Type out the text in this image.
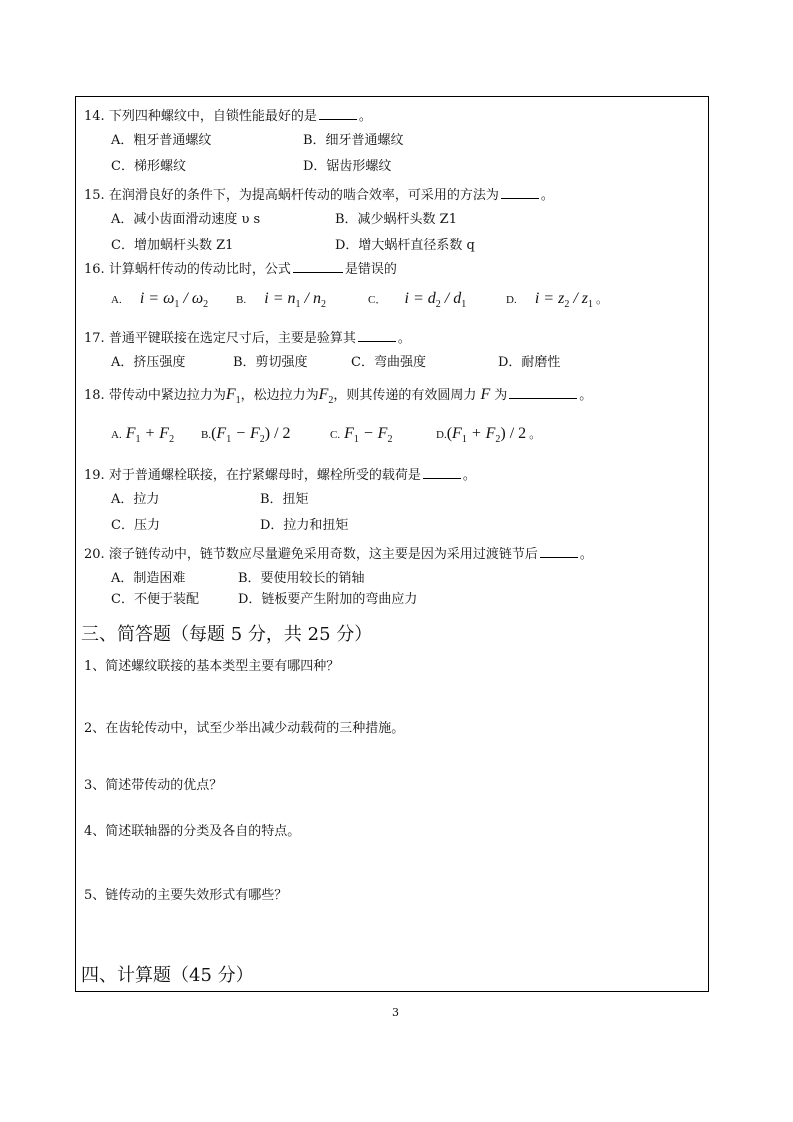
14. 下列四种螺纹中，自锁性能最好的是	。
A．粗牙普通螺纹	B．细牙普通螺纹
C．梯形螺纹	D．锯齿形螺纹
15. 在润滑良好的条件下，为提高蜗杆传动的啮合效率，可采用的方法为	。
A．减小齿面滑动速度 υ s	B．减少蜗杆头数 Z1
C．增加蜗杆头数 Z1	D．增大蜗杆直径系数 q
16. 计算蜗杆传动的传动比时，公式	是错误的
A. $i = \omega_1 / \omega_2$	B. $i = n_1 / n_2$	C． $i = d_2 / d_1$	D. $i = z_2 / z_1$ 。
17. 普通平键联接在选定尺寸后，主要是验算其	。
A．挤压强度	B．剪切强度	C．弯曲强度	D．耐磨性
18. 带传动中紧边拉力为$F_1$，松边拉力为$F_2$，则其传递的有效圆周力 F 为	。
A. $F_1 + F_2$ $B.(F_1 - F_2) / 2$	C. $F_1 - F_2$	$D.(F_1 + F_2) / 2$ 。
19. 对于普通螺栓联接，在拧紧螺母时，螺栓所受的载荷是	。
A．拉力	B．扭矩
C．压力	D．拉力和扭矩
20. 滚子链传动中，链节数应尽量避免采用奇数，这主要是因为采用过渡链节后	。
A．制造困难	B．要使用较长的销轴
C．不便于装配	D．链板要产生附加的弯曲应力
三、简答题（每题 5 分，共 25 分）
1、简述螺纹联接的基本类型主要有哪四种？
2、在齿轮传动中，试至少举出减少动载荷的三种措施。
3、简述带传动的优点？
4、简述联轴器的分类及各自的特点。
5、链传动的主要失效形式有哪些？
四、计算题（45 分）
3
